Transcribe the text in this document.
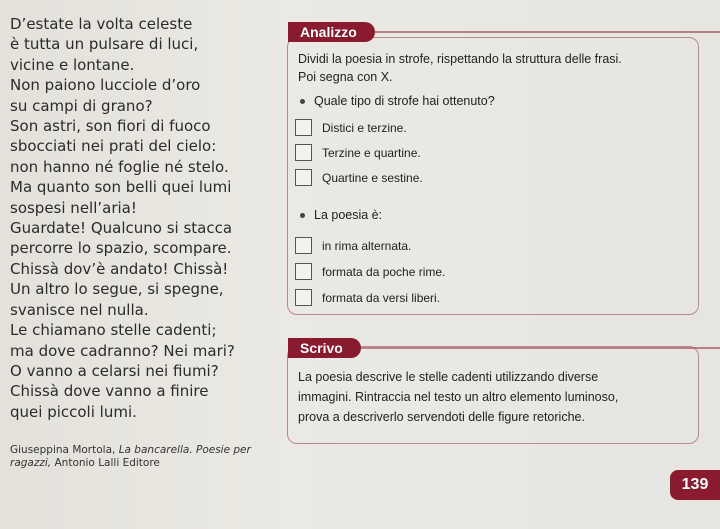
D’estate la volta celeste

è tutta un pulsare di luci,

vicine e lontane.

Non paiono lucciole d’oro

su campi di grano?

Son astri, son fiori di fuoco

sbocciati nei prati del cielo:

non hanno né foglie né stelo.

Ma quanto son belli quei lumi

sospesi nell’aria!

Guardate! Qualcuno si stacca

percorre lo spazio, scompare.

Chissà dov’è andato! Chissà!

Un altro lo segue, si spegne,

svanisce nel nulla.

Le chiamano stelle cadenti;

ma dove cadranno? Nei mari?

O vanno a celarsi nei fiumi?

Chissà dove vanno a finire

quei piccoli lumi.

Giuseppina Mortola, La bancarella. Poesie per ragazzi, Antonio Lalli Editore
Analizzo
Dividi la poesia in strofe, rispettando la struttura delle frasi.
Poi segna con X.
Quale tipo di strofe hai ottenuto?
Distici e terzine.
Terzine e quartine.
Quartine e sestine.
La poesia è:
in rima alternata.
formata da poche rime.
formata da versi liberi.
Scrivo
La poesia descrive le stelle cadenti utilizzando diverse
immagini. Rintraccia nel testo un altro elemento luminoso,
prova a descriverlo servendoti delle figure retoriche.
139
